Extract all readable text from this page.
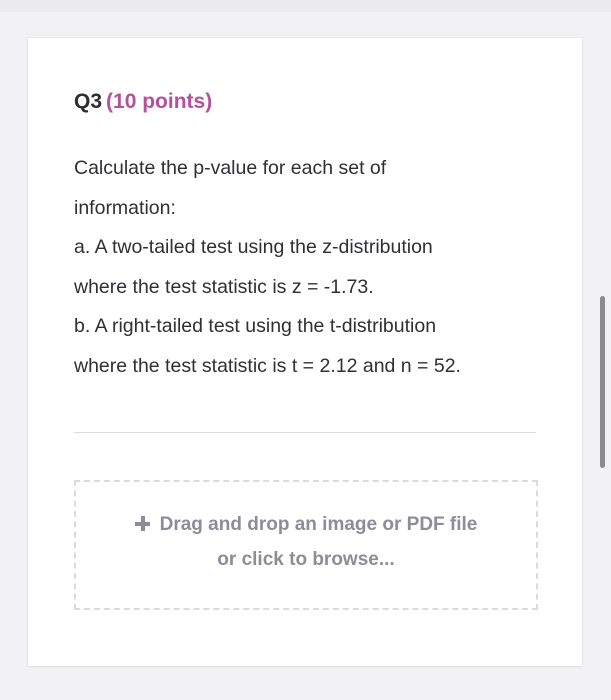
Q3 (10 points)

Calculate the p-value for each set of
information:
a. A two-tailed test using the z-distribution
where the test statistic is z = -1.73.
b. A right-tailed test using the t-distribution
where the test statistic is t = 2.12 and n = 52.

Drag and drop an image or PDF file
or click to browse...
